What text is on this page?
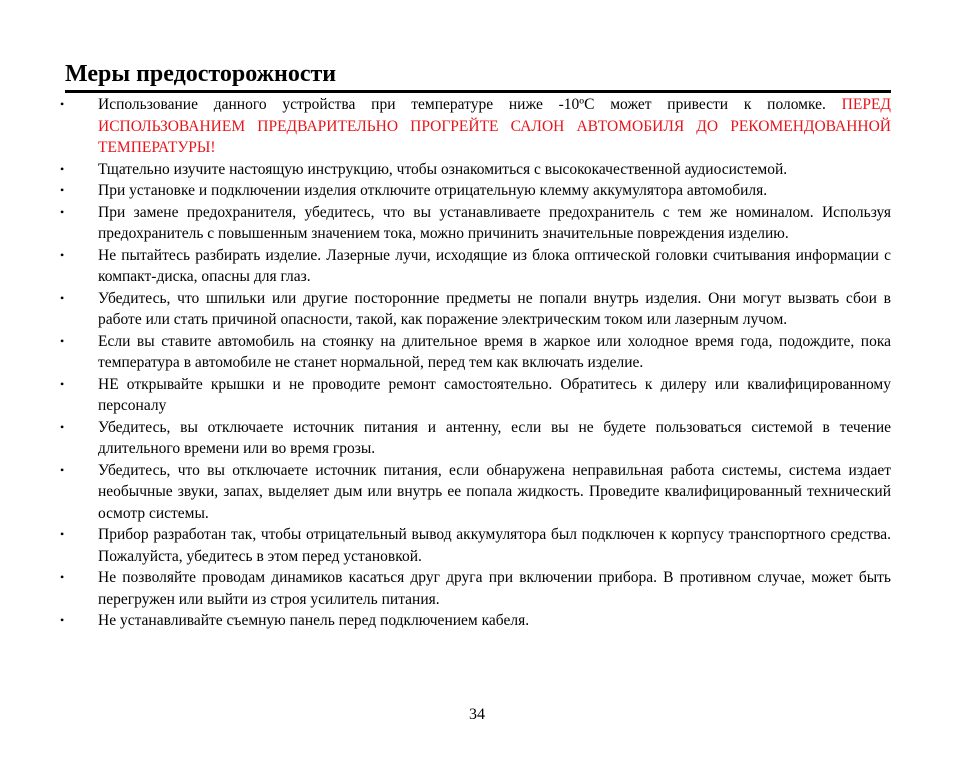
Меры предосторожности
•	Использование данного устройства при температуре ниже -10ºC может привести к поломке. ПЕРЕД ИСПОЛЬЗОВАНИЕМ ПРЕДВАРИТЕЛЬНО ПРОГРЕЙТЕ САЛОН АВТОМОБИЛЯ ДО РЕКОМЕНДОВАННОЙ ТЕМПЕРАТУРЫ!
•	Тщательно изучите настоящую инструкцию, чтобы ознакомиться с высококачественной аудиосистемой.
•	При установке и подключении изделия отключите отрицательную клемму аккумулятора автомобиля.
•	При замене предохранителя, убедитесь, что вы устанавливаете предохранитель с тем же номиналом. Используя предохранитель с повышенным значением тока, можно причинить значительные повреждения изделию.
•	Не пытайтесь разбирать изделие. Лазерные лучи, исходящие из блока оптической головки считывания информации с компакт-диска, опасны для глаз.
•	Убедитесь, что шпильки или другие посторонние предметы не попали внутрь изделия. Они могут вызвать сбои в работе или стать причиной опасности, такой, как поражение электрическим током или лазерным лучом.
•	Если вы ставите автомобиль на стоянку на длительное время в жаркое или холодное время года, подождите, пока температура в автомобиле не станет нормальной, перед тем как включать изделие.
•	НЕ открывайте крышки и не проводите ремонт самостоятельно. Обратитесь к дилеру или квалифицированному персоналу
•	Убедитесь, вы отключаете источник питания и антенну, если вы не будете пользоваться системой в течение длительного времени или во время грозы.
•	Убедитесь, что вы отключаете источник питания, если обнаружена неправильная работа системы, система издает необычные звуки, запах, выделяет дым или внутрь ее попала жидкость. Проведите квалифицированный технический осмотр системы.
•	Прибор разработан так, чтобы отрицательный вывод аккумулятора был подключен к корпусу транспортного средства. Пожалуйста, убедитесь в этом перед установкой.
•	Не позволяйте проводам динамиков касаться друг друга при включении прибора. В противном случае, может быть перегружен или выйти из строя усилитель питания.
•	Не устанавливайте съемную панель перед подключением кабеля.
34
